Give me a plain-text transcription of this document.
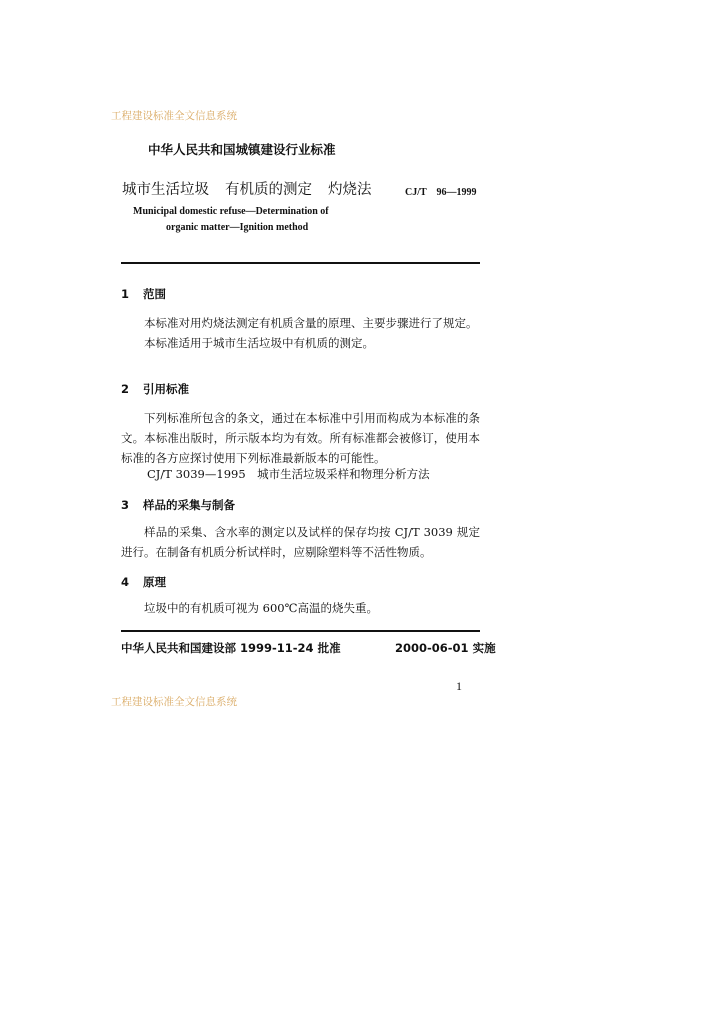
工程建设标准全文信息系统
中华人民共和国城镇建设行业标准
城市生活垃圾 有机质的测定 灼烧法	CJ/T　96—1999
Municipal domestic refuse—Determination of
organic matter—Ignition method
1 范围

本标准对用灼烧法测定有机质含量的原理、主要步骤进行了规定。

本标准适用于城市生活垃圾中有机质的测定。

2 引用标准

下列标准所包含的条文，通过在本标准中引用而构成为本标准的条文。本标准出版时，所示版本均为有效。所有标准都会被修订，使用本标准的各方应探讨使用下列标准最新版本的可能性。

CJ/T 3039—1995　城市生活垃圾采样和物理分析方法
3 样品的采集与制备

样品的采集、含水率的测定以及试样的保存均按 CJ/T 3039 规定进行。在制备有机质分析试样时，应剔除塑料等不活性物质。

4 原理

垃圾中的有机质可视为 600℃高温的烧失重。

中华人民共和国建设部 1999-11-24 批准	2000-06-01 实施
1
工程建设标准全文信息系统
